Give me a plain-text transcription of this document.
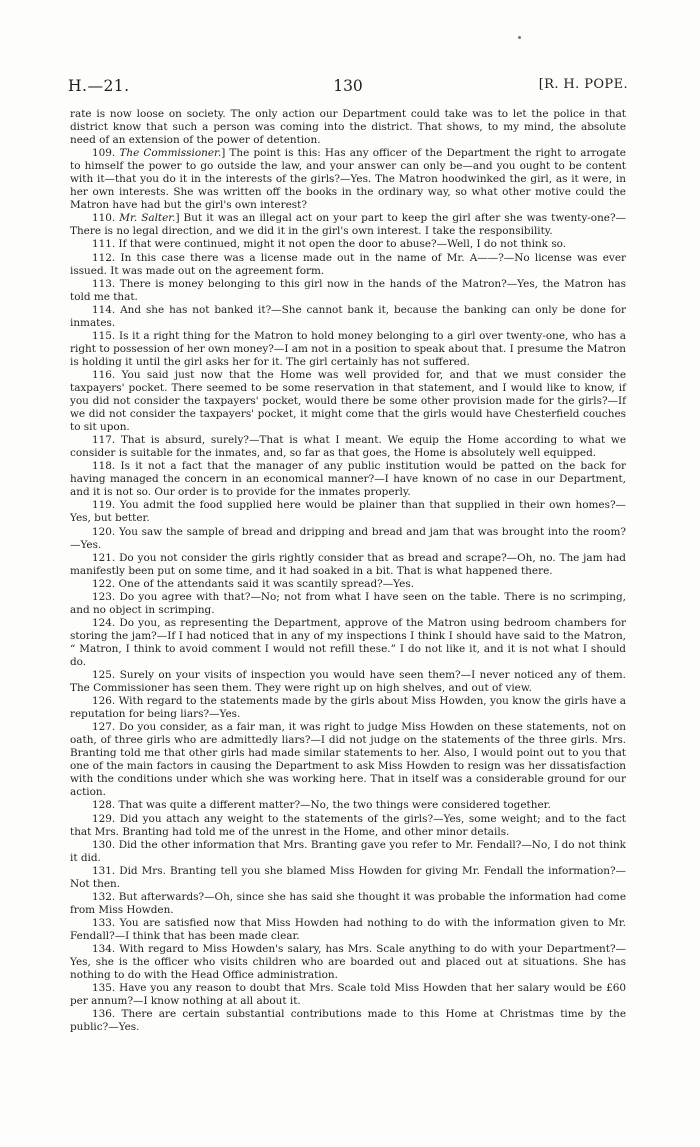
H.—21.	130	[R. H. POPE.

rate is now loose on society. The only action our Department could take was to let the police in that district know that such a person was coming into the district. That shows, to my mind, the absolute need of an extension of the power of detention.

109. The Commissioner.] The point is this: Has any officer of the Department the right to arrogate to himself the power to go outside the law, and your answer can only be—and you ought to be content with it—that you do it in the interests of the girls?—Yes. The Matron hoodwinked the girl, as it were, in her own interests. She was written off the books in the ordinary way, so what other motive could the Matron have had but the girl's own interest?

110. Mr. Salter.] But it was an illegal act on your part to keep the girl after she was twenty-one?—There is no legal direction, and we did it in the girl's own interest. I take the responsibility.

111. If that were continued, might it not open the door to abuse?—Well, I do not think so.

112. In this case there was a license made out in the name of Mr. A——?—No license was ever issued. It was made out on the agreement form.

113. There is money belonging to this girl now in the hands of the Matron?—Yes, the Matron has told me that.

114. And she has not banked it?—She cannot bank it, because the banking can only be done for inmates.

115. Is it a right thing for the Matron to hold money belonging to a girl over twenty-one, who has a right to possession of her own money?—I am not in a position to speak about that. I presume the Matron is holding it until the girl asks her for it. The girl certainly has not suffered.

116. You said just now that the Home was well provided for, and that we must consider the taxpayers' pocket. There seemed to be some reservation in that statement, and I would like to know, if you did not consider the taxpayers' pocket, would there be some other provision made for the girls?—If we did not consider the taxpayers' pocket, it might come that the girls would have Chesterfield couches to sit upon.

117. That is absurd, surely?—That is what I meant. We equip the Home according to what we consider is suitable for the inmates, and, so far as that goes, the Home is absolutely well equipped.

118. Is it not a fact that the manager of any public institution would be patted on the back for having managed the concern in an economical manner?—I have known of no case in our Department, and it is not so. Our order is to provide for the inmates properly.

119. You admit the food supplied here would be plainer than that supplied in their own homes?—Yes, but better.

120. You saw the sample of bread and dripping and bread and jam that was brought into the room?—Yes.

121. Do you not consider the girls rightly consider that as bread and scrape?—Oh, no. The jam had manifestly been put on some time, and it had soaked in a bit. That is what happened there.

122. One of the attendants said it was scantily spread?—Yes.

123. Do you agree with that?—No; not from what I have seen on the table. There is no scrimping, and no object in scrimping.

124. Do you, as representing the Department, approve of the Matron using bedroom chambers for storing the jam?—If I had noticed that in any of my inspections I think I should have said to the Matron, “ Matron, I think to avoid comment I would not refill these.” I do not like it, and it is not what I should do.

125. Surely on your visits of inspection you would have seen them?—I never noticed any of them. The Commissioner has seen them. They were right up on high shelves, and out of view.

126. With regard to the statements made by the girls about Miss Howden, you know the girls have a reputation for being liars?—Yes.

127. Do you consider, as a fair man, it was right to judge Miss Howden on these statements, not on oath, of three girls who are admittedly liars?—I did not judge on the statements of the three girls. Mrs. Branting told me that other girls had made similar statements to her. Also, I would point out to you that one of the main factors in causing the Department to ask Miss Howden to resign was her dissatisfaction with the conditions under which she was working here. That in itself was a considerable ground for our action.

128. That was quite a different matter?—No, the two things were considered together.

129. Did you attach any weight to the statements of the girls?—Yes, some weight; and to the fact that Mrs. Branting had told me of the unrest in the Home, and other minor details.

130. Did the other information that Mrs. Branting gave you refer to Mr. Fendall?—No, I do not think it did.

131. Did Mrs. Branting tell you she blamed Miss Howden for giving Mr. Fendall the information?—Not then.

132. But afterwards?—Oh, since she has said she thought it was probable the information had come from Miss Howden.

133. You are satisfied now that Miss Howden had nothing to do with the information given to Mr. Fendall?—I think that has been made clear.

134. With regard to Miss Howden's salary, has Mrs. Scale anything to do with your Department?—Yes, she is the officer who visits children who are boarded out and placed out at situations. She has nothing to do with the Head Office administration.

135. Have you any reason to doubt that Mrs. Scale told Miss Howden that her salary would be £60 per annum?—I know nothing at all about it.

136. There are certain substantial contributions made to this Home at Christmas time by the public?—Yes.
